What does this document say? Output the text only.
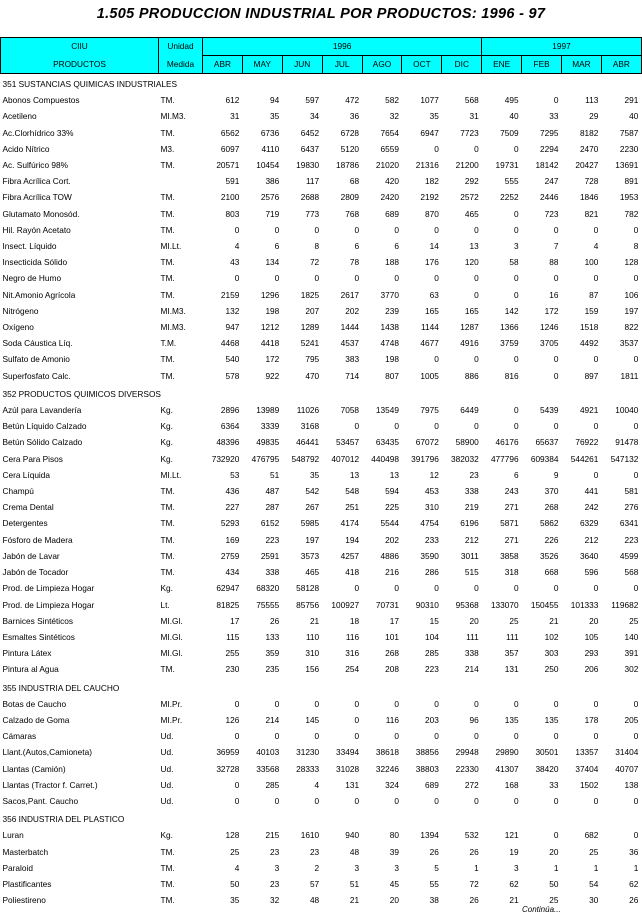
1.505 PRODUCCION INDUSTRIAL POR PRODUCTOS: 1996 - 97
CIIU	Unidad	1996							1997			
PRODUCTOS	Medida	ABR	MAY	JUN	JUL	AGO	OCT	DIC	ENE	FEB	MAR	ABR
351 SUSTANCIAS QUIMICAS INDUSTRIALES												
Abonos Compuestos	TM.	612	94	597	472	582	1077	568	495	0	113	291
Acetileno	MI.M3.	31	35	34	36	32	35	31	40	33	29	40
Ac.Clorhídrico 33%	TM.	6562	6736	6452	6728	7654	6947	7723	7509	7295	8182	7587
Acido Nítrico	M3.	6097	4110	6437	5120	6559	0	0	0	2294	2470	2230
Ac. Sulfúrico 98%	TM.	20571	10454	19830	18786	21020	21316	21200	19731	18142	20427	13691
Fibra Acrílica Cort.		591	386	117	68	420	182	292	555	247	728	891
Fibra Acrílica TOW	TM.	2100	2576	2688	2809	2420	2192	2572	2252	2446	1846	1953
Glutamato Monosód.	TM.	803	719	773	768	689	870	465	0	723	821	782
Hil. Rayón Acetato	TM.	0	0	0	0	0	0	0	0	0	0	0
Insect. Líquido	MI.Lt.	4	6	8	6	6	14	13	3	7	4	8
Insecticida Sólido	TM.	43	134	72	78	188	176	120	58	88	100	128
Negro de Humo	TM.	0	0	0	0	0	0	0	0	0	0	0
Nit.Amonio Agrícola	TM.	2159	1296	1825	2617	3770	63	0	0	16	87	106
Nitrógeno	MI.M3.	132	198	207	202	239	165	165	142	172	159	197
Oxígeno	MI.M3.	947	1212	1289	1444	1438	1144	1287	1366	1246	1518	822
Soda Cáustica Líq.	T.M.	4468	4418	5241	4537	4748	4677	4916	3759	3705	4492	3537
Sulfato de Amonio	TM.	540	172	795	383	198	0	0	0	0	0	0
Superfosfato Calc.	TM.	578	922	470	714	807	1005	886	816	0	897	1811
352 PRODUCTOS QUIMICOS DIVERSOS												
Azúl para Lavandería	Kg.	2896	13989	11026	7058	13549	7975	6449	0	5439	4921	10040
Betún Líquido Calzado	Kg.	6364	3339	3168	0	0	0	0	0	0	0	0
Betún Sólido Calzado	Kg.	48396	49835	46441	53457	63435	67072	58900	46176	65637	76922	91478
Cera Para Pisos	Kg.	732920	476795	548792	407012	440498	391796	382032	477796	609384	544261	547132
Cera Líquida	MI.Lt.	53	51	35	13	13	12	23	6	9	0	0
Champú	TM.	436	487	542	548	594	453	338	243	370	441	581
Crema Dental	TM.	227	287	267	251	225	310	219	271	268	242	276
Detergentes	TM.	5293	6152	5985	4174	5544	4754	6196	5871	5862	6329	6341
Fósforo de Madera	TM.	169	223	197	194	202	233	212	271	226	212	223
Jabón de Lavar	TM.	2759	2591	3573	4257	4886	3590	3011	3858	3526	3640	4599
Jabón de Tocador	TM.	434	338	465	418	216	286	515	318	668	596	568
Prod. de Limpieza Hogar	Kg.	62947	68320	58128	0	0	0	0	0	0	0	0
Prod. de Limpieza Hogar	Lt.	81825	75555	85756	100927	70731	90310	95368	133070	150455	101333	119682
Barnices Sintéticos	MI.Gl.	17	26	21	18	17	15	20	25	21	20	25
Esmaltes Sintéticos	MI.Gl.	115	133	110	116	101	104	111	111	102	105	140
Pintura Látex	MI.Gl.	255	359	310	316	268	285	338	357	303	293	391
Pintura al Agua	TM.	230	235	156	254	208	223	214	131	250	206	302
355 INDUSTRIA DEL CAUCHO												
Botas de Caucho	MI.Pr.	0	0	0	0	0	0	0	0	0	0	0
Calzado de Goma	MI.Pr.	126	214	145	0	116	203	96	135	135	178	205
Cámaras	Ud.	0	0	0	0	0	0	0	0	0	0	0
Llant.(Autos,Camioneta)	Ud.	36959	40103	31230	33494	38618	38856	29948	29890	30501	13357	31404
Llantas (Camión)	Ud.	32728	33568	28333	31028	32246	38803	22330	41307	38420	37404	40707
Llantas (Tractor f. Carret.)	Ud.	0	285	4	131	324	689	272	168	33	1502	138
Sacos,Pant. Caucho	Ud.	0	0	0	0	0	0	0	0	0	0	0
356 INDUSTRIA DEL PLASTICO												
Luran	Kg.	128	215	1610	940	80	1394	532	121	0	682	0
Masterbatch	TM.	25	23	23	48	39	26	26	19	20	25	36
Paraloid	TM.	4	3	2	3	3	5	1	3	1	1	1
Plastificantes	TM.	50	23	57	51	45	55	72	62	50	54	62
Poliestireno	TM.	35	32	48	21	20	38	26	21	25	30	26
Continúa...
